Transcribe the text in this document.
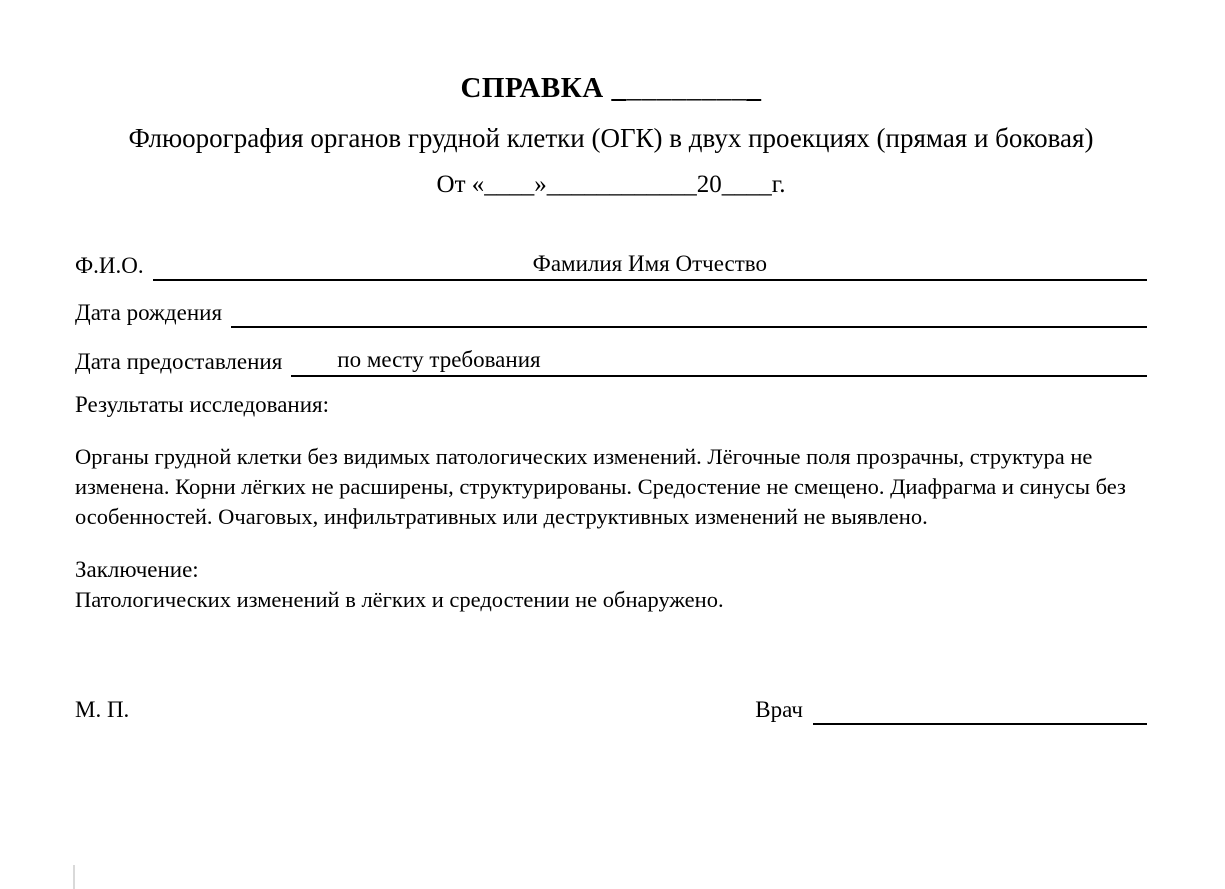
СПРАВКА __________
Флюорография органов грудной клетки (ОГК) в двух проекциях (прямая и боковая)
От «____»____________20____г.
Ф.И.О.	Фамилия Имя Отчество
Дата рождения
Дата предоставления	по месту требования
Результаты исследования:
Органы грудной клетки без видимых патологических изменений. Лёгочные поля прозрачны, структура не изменена. Корни лёгких не расширены, структурированы. Средостение не смещено. Диафрагма и синусы без особенностей. Очаговых, инфильтративных или деструктивных изменений не выявлено.
Заключение:
Патологических изменений в лёгких и средостении не обнаружено.
М. П.	Врач
